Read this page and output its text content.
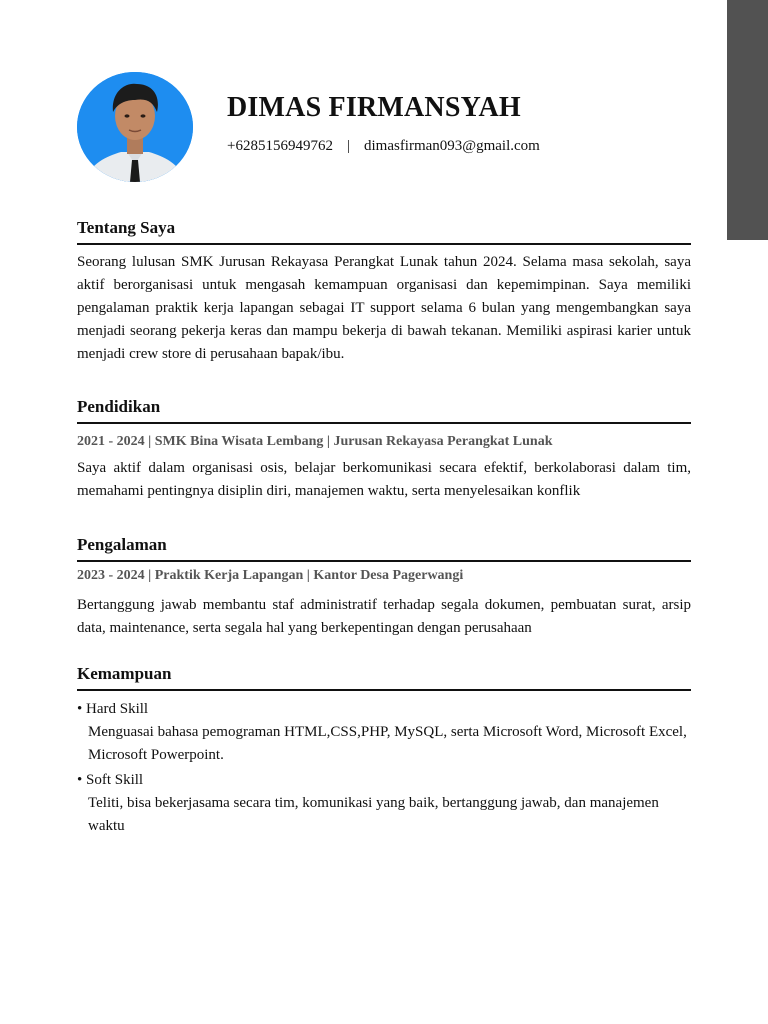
DIMAS FIRMANSYAH
+6285156949762 | dimasfirman093@gmail.com
Tentang Saya

Seorang lulusan SMK Jurusan Rekayasa Perangkat Lunak tahun 2024. Selama masa sekolah, saya aktif berorganisasi untuk mengasah kemampuan organisasi dan kepemimpinan. Saya memiliki pengalaman praktik kerja lapangan sebagai IT support selama 6 bulan yang mengembangkan saya menjadi seorang pekerja keras dan mampu bekerja di bawah tekanan. Memiliki aspirasi karier untuk menjadi crew store di perusahaan bapak/ibu.

Pendidikan

2021 - 2024 | SMK Bina Wisata Lembang | Jurusan Rekayasa Perangkat Lunak

Saya aktif dalam organisasi osis, belajar berkomunikasi secara efektif, berkolaborasi dalam tim, memahami pentingnya disiplin diri, manajemen waktu, serta menyelesaikan konflik

Pengalaman

2023 - 2024 | Praktik Kerja Lapangan | Kantor Desa Pagerwangi

Bertanggung jawab membantu staf administratif terhadap segala dokumen, pembuatan surat, arsip data, maintenance, serta segala hal yang berkepentingan dengan perusahaan

Kemampuan

• Hard Skill

Menguasai bahasa pemograman HTML,CSS,PHP, MySQL, serta Microsoft Word, Microsoft Excel, Microsoft Powerpoint.

• Soft Skill

Teliti, bisa bekerjasama secara tim, komunikasi yang baik, bertanggung jawab, dan manajemen waktu
